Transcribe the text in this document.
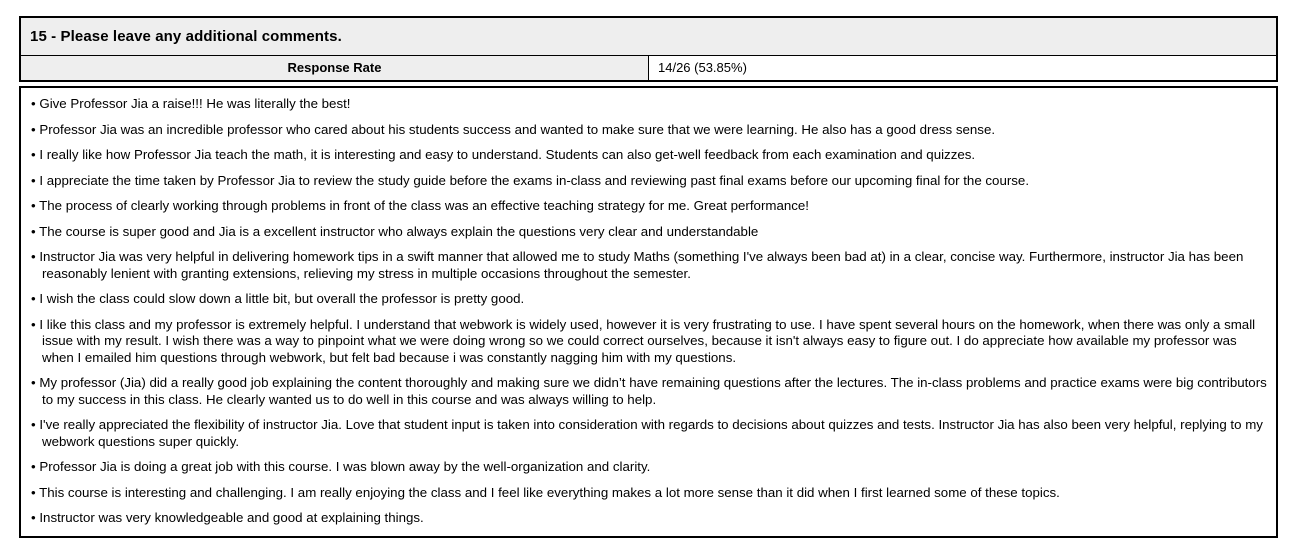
15 - Please leave any additional comments.
Response Rate	14/26 (53.85%)

• Give Professor Jia a raise!!! He was literally the best!

• Professor Jia was an incredible professor who cared about his students success and wanted to make sure that we were learning. He also has a good dress sense.

• I really like how Professor Jia teach the math, it is interesting and easy to understand. Students can also get-well feedback from each examination and quizzes.

• I appreciate the time taken by Professor Jia to review the study guide before the exams in-class and reviewing past final exams before our upcoming final for the course.

• The process of clearly working through problems in front of the class was an effective teaching strategy for me. Great performance!

• The course is super good and Jia is a excellent instructor who always explain the questions very clear and understandable

• Instructor Jia was very helpful in delivering homework tips in a swift manner that allowed me to study Maths (something I've always been bad at) in a clear, concise way. Furthermore, instructor Jia has been reasonably lenient with granting extensions, relieving my stress in multiple occasions throughout the semester.

• I wish the class could slow down a little bit, but overall the professor is pretty good.

• I like this class and my professor is extremely helpful. I understand that webwork is widely used, however it is very frustrating to use. I have spent several hours on the homework, when there was only a small issue with my result. I wish there was a way to pinpoint what we were doing wrong so we could correct ourselves, because it isn't always easy to figure out. I do appreciate how available my professor was when I emailed him questions through webwork, but felt bad because i was constantly nagging him with my questions.

• My professor (Jia) did a really good job explaining the content thoroughly and making sure we didn’t have remaining questions after the lectures. The in-class problems and practice exams were big contributors to my success in this class. He clearly wanted us to do well in this course and was always willing to help.

• I've really appreciated the flexibility of instructor Jia. Love that student input is taken into consideration with regards to decisions about quizzes and tests. Instructor Jia has also been very helpful, replying to my webwork questions super quickly.

• Professor Jia is doing a great job with this course. I was blown away by the well-organization and clarity.

• This course is interesting and challenging. I am really enjoying the class and I feel like everything makes a lot more sense than it did when I first learned some of these topics.

• Instructor was very knowledgeable and good at explaining things.
